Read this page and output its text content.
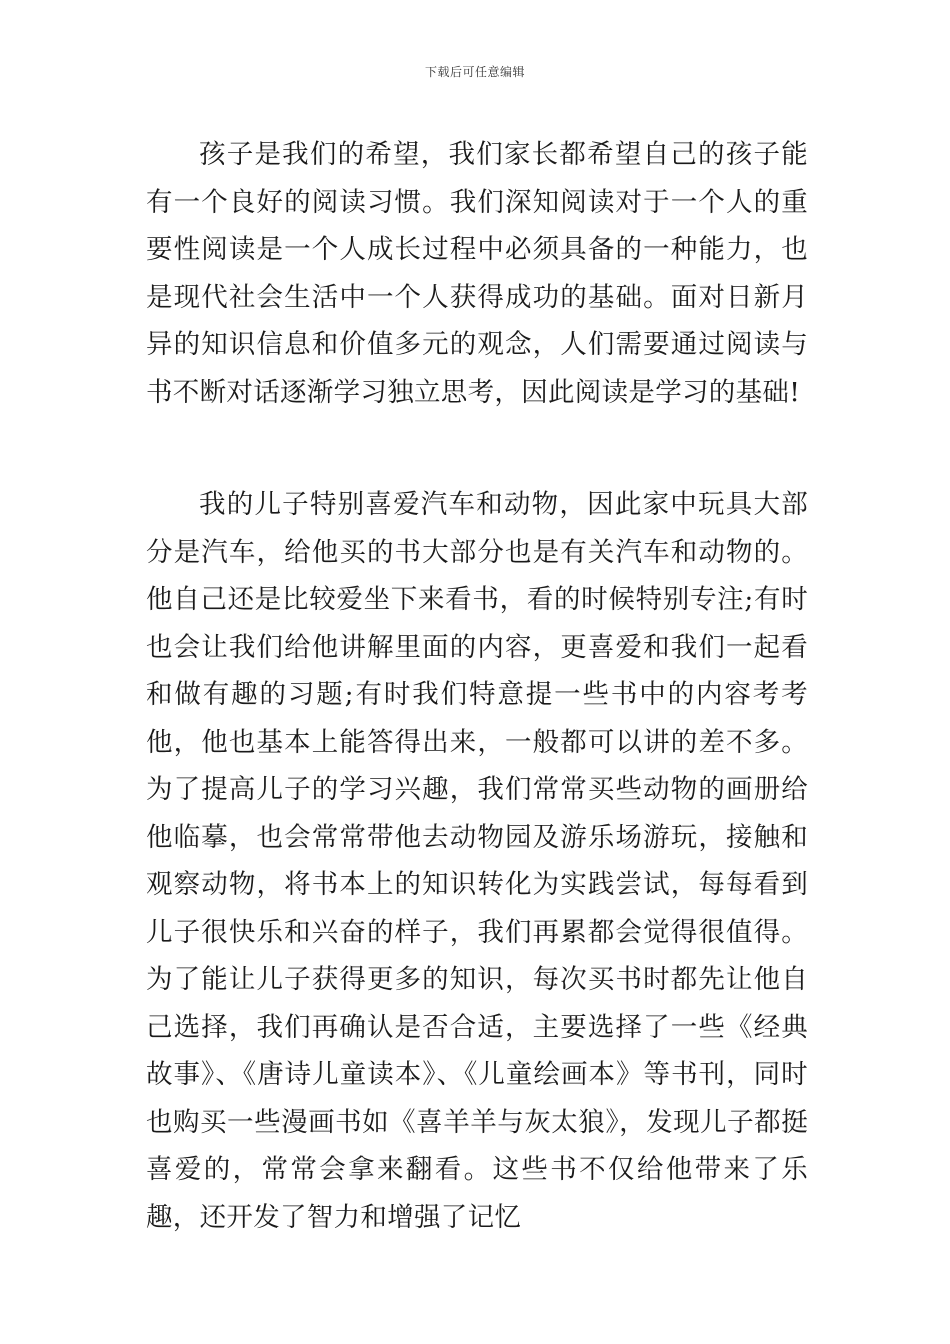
下载后可任意编辑

孩子是我们的希望，我们家长都希望自己的孩子能有一个良好的阅读习惯。我们深知阅读对于一个人的重要性阅读是一个人成长过程中必须具备的一种能力，也是现代社会生活中一个人获得成功的基础。面对日新月异的知识信息和价值多元的观念，人们需要通过阅读与书不断对话逐渐学习独立思考，因此阅读是学习的基础!

我的儿子特别喜爱汽车和动物，因此家中玩具大部分是汽车，给他买的书大部分也是有关汽车和动物的。他自己还是比较爱坐下来看书，看的时候特别专注;有时也会让我们给他讲解里面的内容，更喜爱和我们一起看和做有趣的习题;有时我们特意提一些书中的内容考考他，他也基本上能答得出来，一般都可以讲的差不多。为了提高儿子的学习兴趣，我们常常买些动物的画册给他临摹，也会常常带他去动物园及游乐场游玩，接触和观察动物，将书本上的知识转化为实践尝试，每每看到儿子很快乐和兴奋的样子，我们再累都会觉得很值得。为了能让儿子获得更多的知识，每次买书时都先让他自己选择，我们再确认是否合适，主要选择了一些《经典故事》、《唐诗儿童读本》、《儿童绘画本》等书刊，同时也购买一些漫画书如《喜羊羊与灰太狼》，发现儿子都挺喜爱的，常常会拿来翻看。这些书不仅给他带来了乐趣，还开发了智力和增强了记忆
